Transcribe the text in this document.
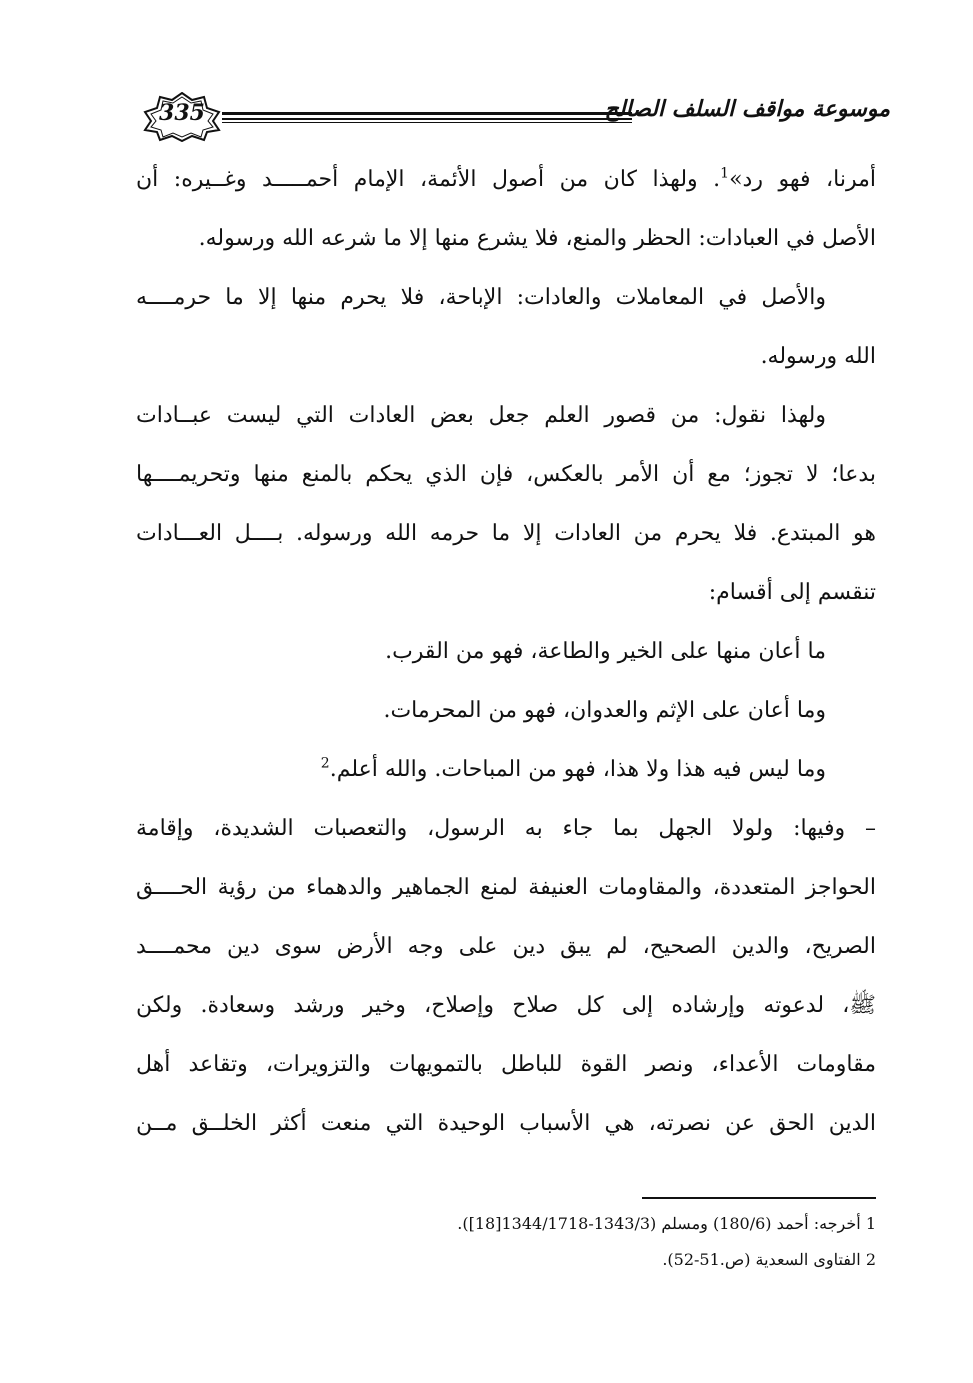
335	موسوعة مواقف السلف الصالح

أمرنا، فهو رد»$^1$. ولهذا كان من أصول الأئمة، الإمام أحمـــــد وغــيره: أن

الأصل في العبادات: الحظر والمنع، فلا يشرع منها إلا ما شرعه الله ورسوله.

والأصل في المعاملات والعادات: الإباحة، فلا يحرم منها إلا ما حرمــــه

الله ورسوله.

ولهذا نقول: من قصور العلم جعل بعض العادات التي ليست عبــادات

بدعا؛ لا تجوز؛ مع أن الأمر بالعكس، فإن الذي يحكم بالمنع منها وتحريمــــها

هو المبتدع. فلا يحرم من العادات إلا ما حرمه الله ورسوله. بــــل العـــادات

تنقسم إلى أقسام:

ما أعان منها على الخير والطاعة، فهو من القرب.

وما أعان على الإثم والعدوان، فهو من المحرمات.

وما ليس فيه هذا ولا هذا، فهو من المباحات. والله أعلم.$^2$

– وفيها: ولولا الجهل بما جاء به الرسول، والتعصبات الشديدة، وإقامة

الحواجز المتعددة، والمقاومات العنيفة لمنع الجماهير والدهماء من رؤية الحــــق

الصريح، والدين الصحيح، لم يبق دين على وجه الأرض سوى دين محمــــد

ﷺ، لدعوته وإرشاده إلى كل صلاح وإصلاح، وخير ورشد وسعادة. ولكن

مقاومات الأعداء، ونصر القوة للباطل بالتمويهات والتزويرات، وتقاعد أهل

الدين الحق عن نصرته، هي الأسباب الوحيدة التي منعت أكثر الخلــق مــن

1 أخرجه: أحمد (180/6) ومسلم (1343/3-1344/1718[18]).

2 الفتاوى السعدية (ص.51-52).
